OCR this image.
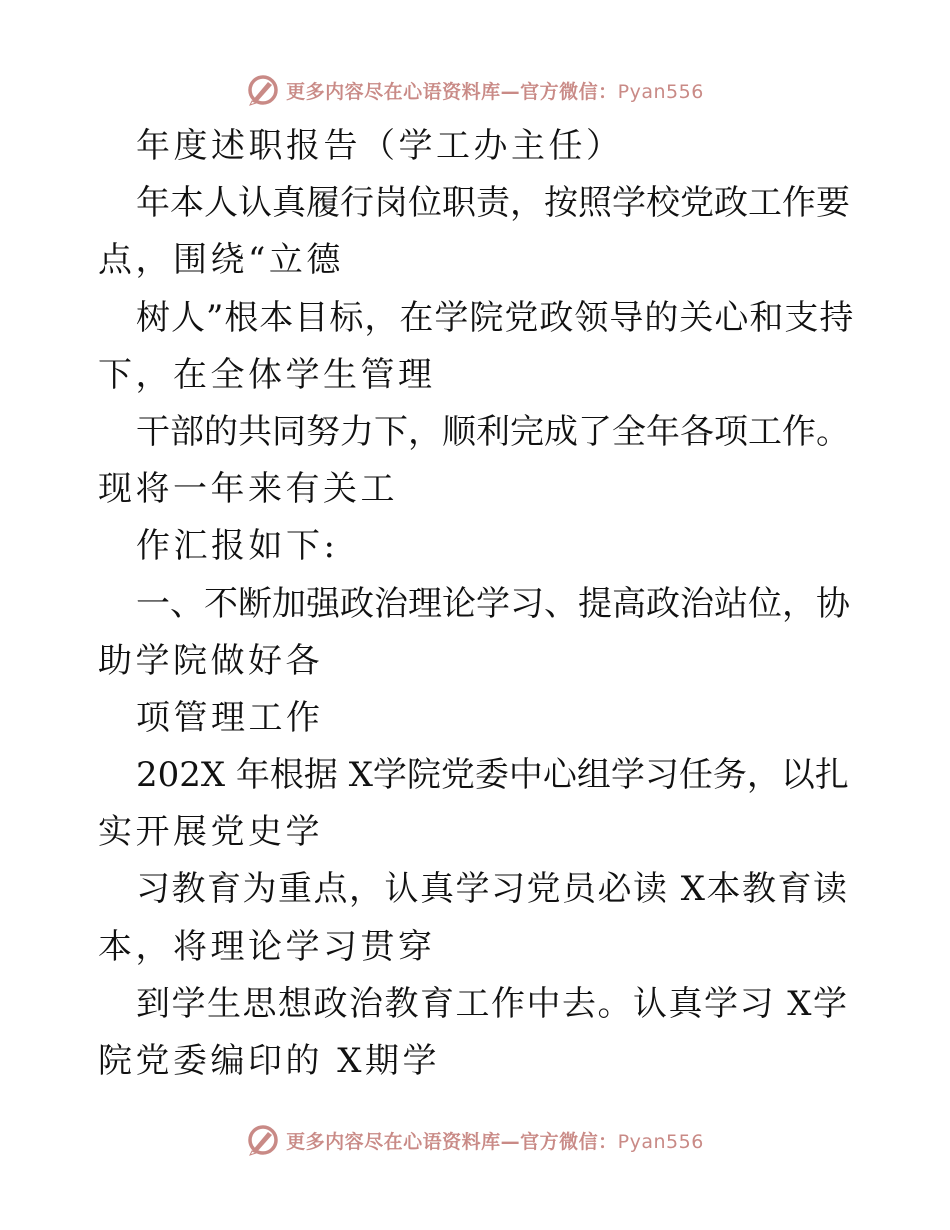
更多内容尽在心语资料库—官方微信：Pyan556
年度述职报告（学工办主任）
年本人认真履行岗位职责，按照学校党政工作要
点，围绕“立德
树人”根本目标，在学院党政领导的关心和支持
下，在全体学生管理
干部的共同努力下，顺利完成了全年各项工作。
现将一年来有关工
作汇报如下:
一、不断加强政治理论学习、提高政治站位，协
助学院做好各
项管理工作
202X 年根据 X学院党委中心组学习任务，以扎
实开展党史学
习教育为重点，认真学习党员必读 X本教育读
本，将理论学习贯穿
到学生思想政治教育工作中去。认真学习 X学
院党委编印的 X期学
更多内容尽在心语资料库—官方微信：Pyan556
